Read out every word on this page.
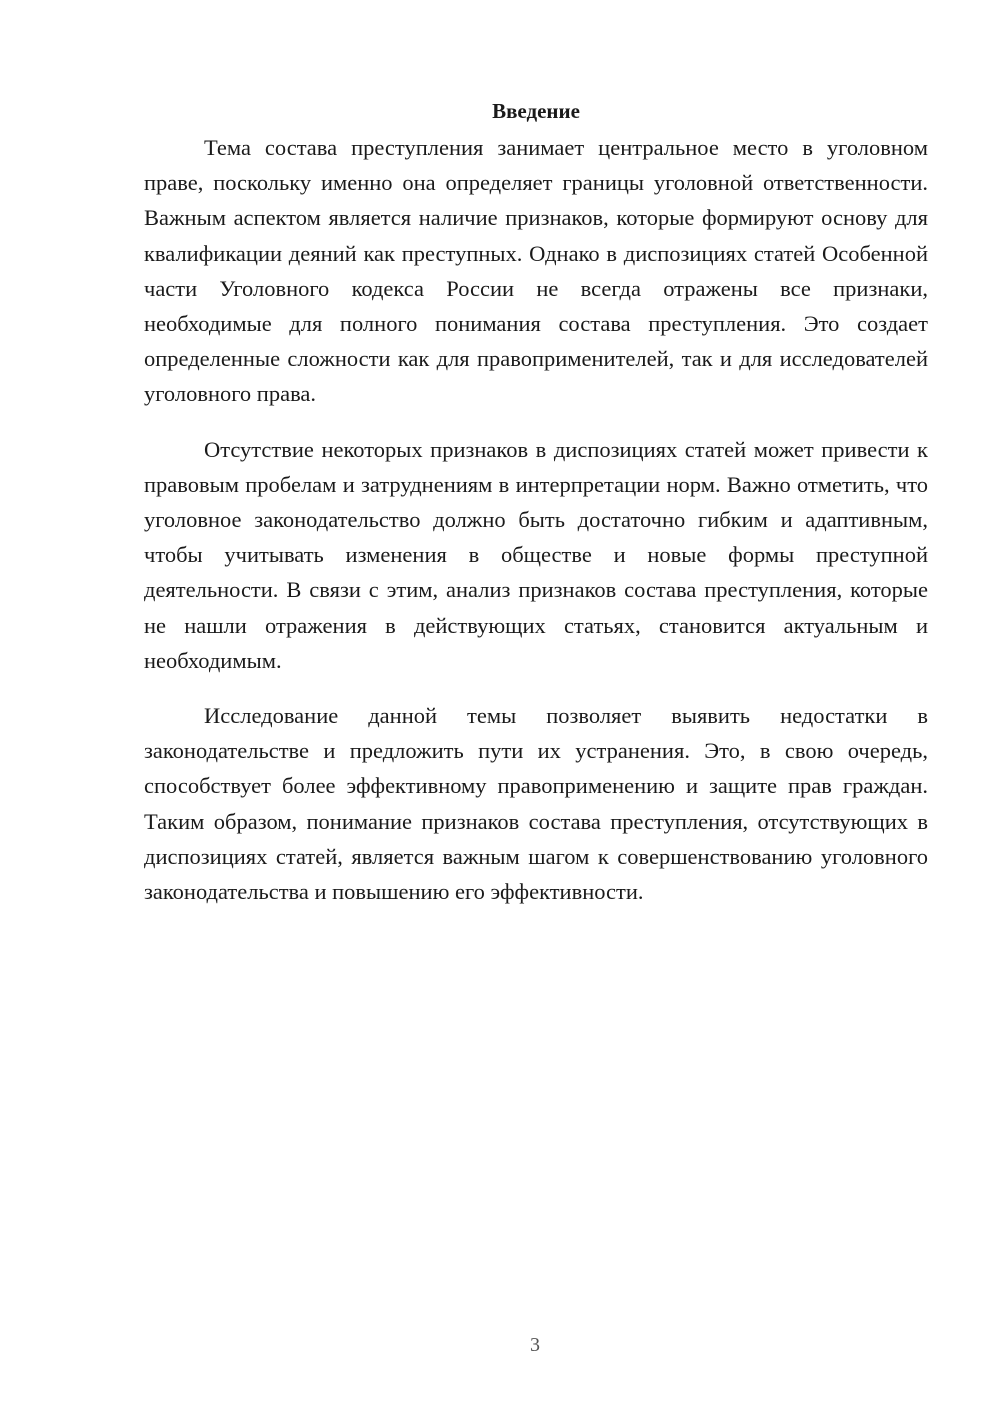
Введение

Тема состава преступления занимает центральное место в уголовном праве, поскольку именно она определяет границы уголовной ответственности. Важным аспектом является наличие признаков, которые формируют основу для квалификации деяний как преступных. Однако в диспозициях статей Особенной части Уголовного кодекса России не всегда отражены все признаки, необходимые для полного понимания состава преступления. Это создает определенные сложности как для правоприменителей, так и для исследователей уголовного права.

Отсутствие некоторых признаков в диспозициях статей может привести к правовым пробелам и затруднениям в интерпретации норм. Важно отметить, что уголовное законодательство должно быть достаточно гибким и адаптивным, чтобы учитывать изменения в обществе и новые формы преступной деятельности. В связи с этим, анализ признаков состава преступления, которые не нашли отражения в действующих статьях, становится актуальным и необходимым.

Исследование данной темы позволяет выявить недостатки в законодательстве и предложить пути их устранения. Это, в свою очередь, способствует более эффективному правоприменению и защите прав граждан. Таким образом, понимание признаков состава преступления, отсутствующих в диспозициях статей, является важным шагом к совершенствованию уголовного законодательства и повышению его эффективности.

3
